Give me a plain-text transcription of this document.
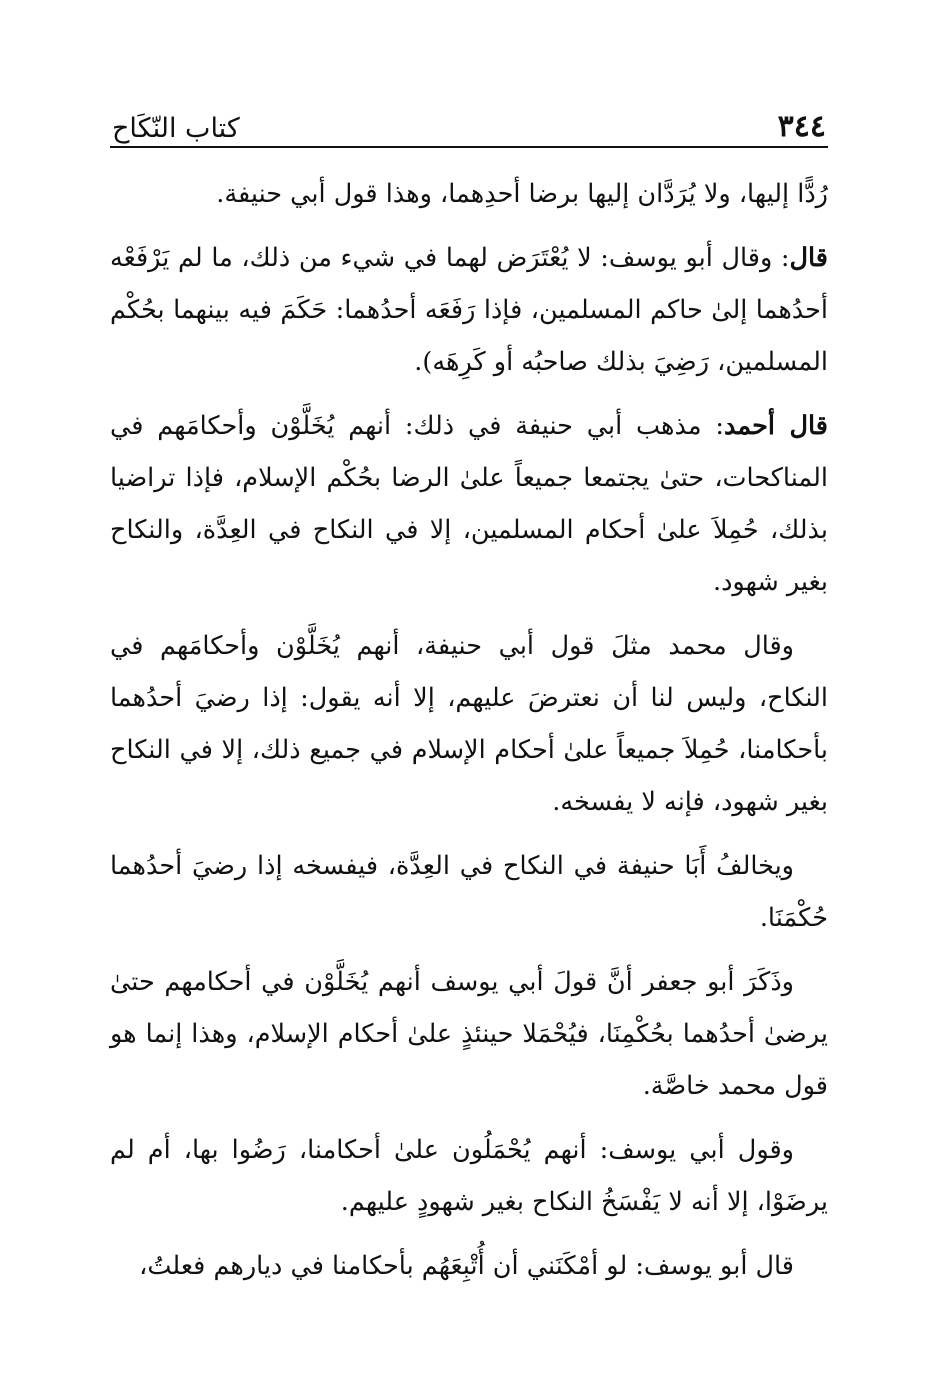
٣٤٤
كتاب النّكَاح

رُدًّا إليها، ولا يُرَدَّان إليها برضا أحدِهما، وهذا قول أبي حنيفة.

قال: وقال أبو يوسف: لا يُعْتَرَض لهما في شيء من ذلك، ما لم يَرْفَعْه أحدُهما إلىٰ حاكم المسلمين، فإذا رَفَعَه أحدُهما: حَكَمَ فيه بينهما بحُكْم المسلمين، رَضِيَ بذلك صاحبُه أو كَرِهَه).

قال أحمد: مذهب أبي حنيفة في ذلك: أنهم يُخَلَّوْن وأحكامَهم في المناكحات، حتىٰ يجتمعا جميعاً علىٰ الرضا بحُكْم الإسلام، فإذا تراضيا بذلك، حُمِلاَ علىٰ أحكام المسلمين، إلا في النكاح في العِدَّة، والنكاح بغير شهود.

وقال محمد مثلَ قول أبي حنيفة، أنهم يُخَلَّوْن وأحكامَهم في النكاح، وليس لنا أن نعترضَ عليهم، إلا أنه يقول: إذا رضيَ أحدُهما بأحكامنا، حُمِلاَ جميعاً علىٰ أحكام الإسلام في جميع ذلك، إلا في النكاح بغير شهود، فإنه لا يفسخه.

ويخالفُ أَبَا حنيفة في النكاح في العِدَّة، فيفسخه إذا رضيَ أحدُهما حُكْمَنَا.

وذَكَرَ أبو جعفر أنَّ قولَ أبي يوسف أنهم يُخَلَّوْن في أحكامهم حتىٰ يرضىٰ أحدُهما بحُكْمِنَا، فيُحْمَلا حينئذٍ علىٰ أحكام الإسلام، وهذا إنما هو قول محمد خاصَّة.

وقول أبي يوسف: أنهم يُحْمَلُون علىٰ أحكامنا، رَضُوا بها، أم لم يرضَوْا، إلا أنه لا يَفْسَخُ النكاح بغير شهودٍ عليهم.

قال أبو يوسف: لو أمْكَنَني أن أُتْبِعَهُم بأحكامنا في ديارهم فعلتُ،
